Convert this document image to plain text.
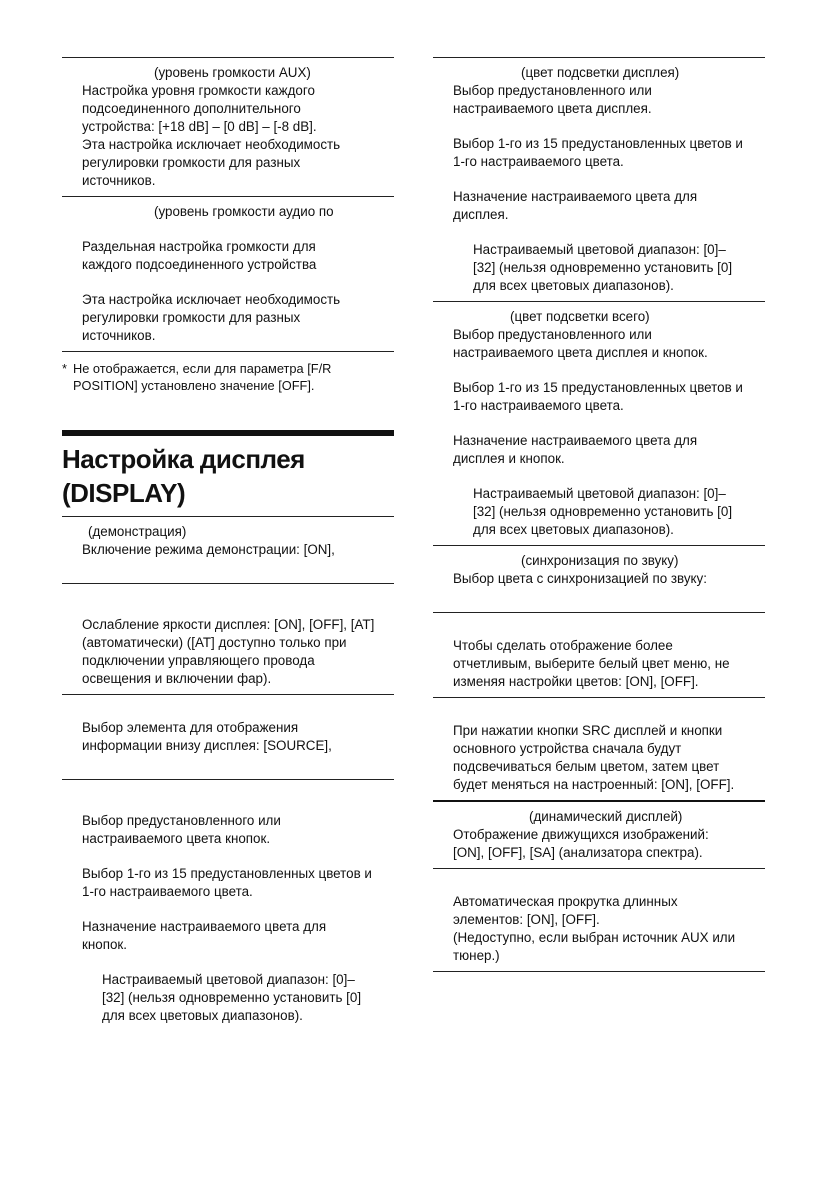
(уровень громкости AUX)
Настройка уровня громкости каждого
подсоединенного дополнительного
устройства: [+18 dB] – [0 dB] – [-8 dB].
Эта настройка исключает необходимость
регулировки громкости для разных
источников.
(уровень громкости аудио по
Раздельная настройка громкости для
каждого подсоединенного устройства
Эта настройка исключает необходимость
регулировки громкости для разных
источников.
* Не отображается, если для параметра [F/R
POSITION] установлено значение [OFF].
Настройка дисплея (DISPLAY)
(демонстрация)
Включение режима демонстрации: [ON],
Ослабление яркости дисплея: [ON], [OFF], [AT]
(автоматически) ([AT] доступно только при
подключении управляющего провода
освещения и включении фар).
Выбор элемента для отображения
информации внизу дисплея: [SOURCE],
Выбор предустановленного или
настраиваемого цвета кнопок.
Выбор 1-го из 15 предустановленных цветов и
1-го настраиваемого цвета.
Назначение настраиваемого цвета для
кнопок.
Настраиваемый цветовой диапазон: [0]–
[32] (нельзя одновременно установить [0]
для всех цветовых диапазонов).
(цвет подсветки дисплея)
Выбор предустановленного или
настраиваемого цвета дисплея.
Выбор 1-го из 15 предустановленных цветов и
1-го настраиваемого цвета.
Назначение настраиваемого цвета для
дисплея.
Настраиваемый цветовой диапазон: [0]–
[32] (нельзя одновременно установить [0]
для всех цветовых диапазонов).
(цвет подсветки всего)
Выбор предустановленного или
настраиваемого цвета дисплея и кнопок.
Выбор 1-го из 15 предустановленных цветов и
1-го настраиваемого цвета.
Назначение настраиваемого цвета для
дисплея и кнопок.
Настраиваемый цветовой диапазон: [0]–
[32] (нельзя одновременно установить [0]
для всех цветовых диапазонов).
(синхронизация по звуку)
Выбор цвета с синхронизацией по звуку:
Чтобы сделать отображение более
отчетливым, выберите белый цвет меню, не
изменяя настройки цветов: [ON], [OFF].
При нажатии кнопки SRC дисплей и кнопки
основного устройства сначала будут
подсвечиваться белым цветом, затем цвет
будет меняться на настроенный: [ON], [OFF].
(динамический дисплей)
Отображение движущихся изображений:
[ON], [OFF], [SA] (анализатора спектра).
Автоматическая прокрутка длинных
элементов: [ON], [OFF].
(Недоступно, если выбран источник AUX или
тюнер.)
